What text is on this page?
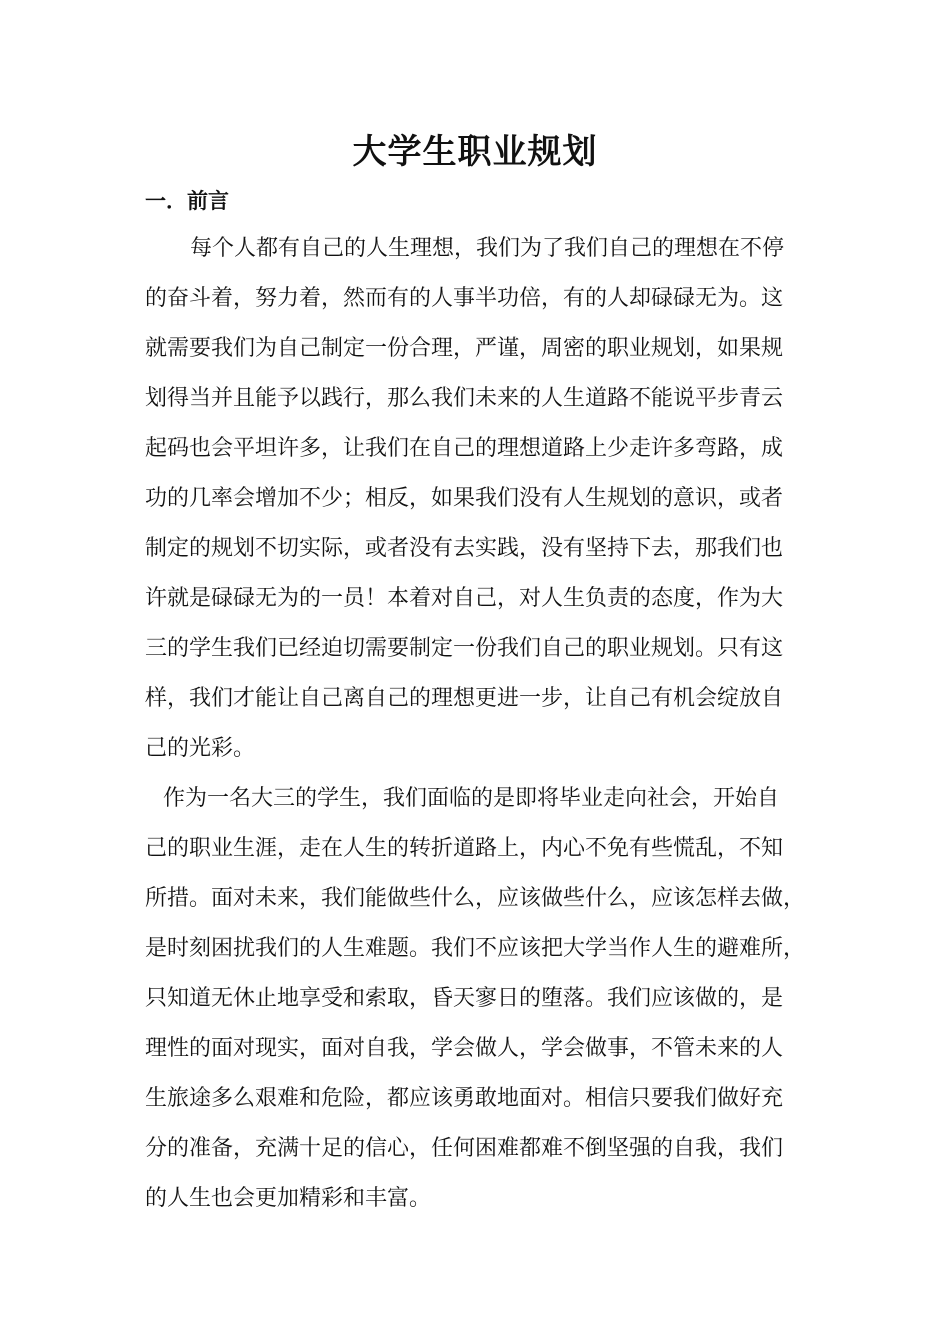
大学生职业规划
一．前言
每个人都有自己的人生理想，我们为了我们自己的理想在不停
的奋斗着，努力着，然而有的人事半功倍，有的人却碌碌无为。这
就需要我们为自己制定一份合理，严谨，周密的职业规划，如果规
划得当并且能予以践行，那么我们未来的人生道路不能说平步青云
起码也会平坦许多，让我们在自己的理想道路上少走许多弯路，成
功的几率会增加不少；相反，如果我们没有人生规划的意识，或者
制定的规划不切实际，或者没有去实践，没有坚持下去，那我们也
许就是碌碌无为的一员！本着对自己，对人生负责的态度，作为大
三的学生我们已经迫切需要制定一份我们自己的职业规划。只有这
样，我们才能让自己离自己的理想更进一步，让自己有机会绽放自
己的光彩。
作为一名大三的学生，我们面临的是即将毕业走向社会，开始自
己的职业生涯，走在人生的转折道路上，内心不免有些慌乱，不知
所措。面对未来，我们能做些什么，应该做些什么，应该怎样去做，
是时刻困扰我们的人生难题。我们不应该把大学当作人生的避难所，
只知道无休止地享受和索取，昏天寥日的堕落。我们应该做的，是
理性的面对现实，面对自我，学会做人，学会做事，不管未来的人
生旅途多么艰难和危险，都应该勇敢地面对。相信只要我们做好充
分的准备，充满十足的信心，任何困难都难不倒坚强的自我，我们
的人生也会更加精彩和丰富。
